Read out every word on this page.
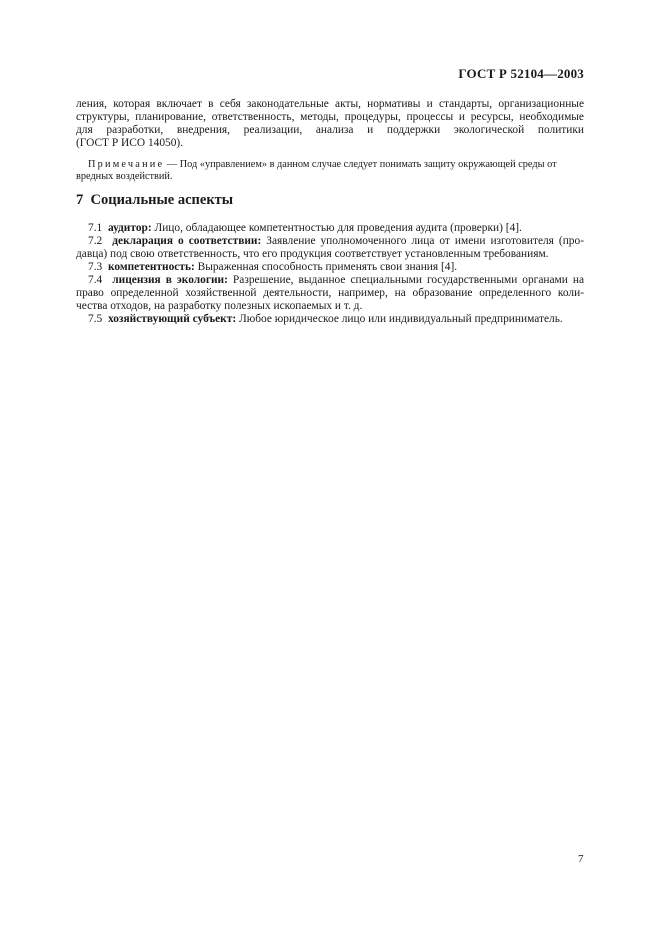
ГОСТ Р 52104—2003
ления, которая включает в себя законодательные акты, нормативы и стандарты, организационные
структуры, планирование, ответственность, методы, процедуры, процессы и ресурсы, необходимые
для разработки, внедрения, реализации, анализа и поддержки экологической политики
(ГОСТ Р ИСО 14050).
Примечание — Под «управлением» в данном случае следует понимать защиту окружающей среды от
вредных воздействий.
7 Социальные аспекты
7.1 аудитор: Лицо, обладающее компетентностью для проведения аудита (проверки) [4].
7.2 декларация о соответствии: Заявление уполномоченного лица от имени изготовителя (про-
давца) под свою ответственность, что его продукция соответствует установленным требованиям.
7.3 компетентность: Выраженная способность применять свои знания [4].
7.4 лицензия в экологии: Разрешение, выданное специальными государственными органами на
право определенной хозяйственной деятельности, например, на образование определенного коли-
чества отходов, на разработку полезных ископаемых и т. д.
7.5 хозяйствующий субъект: Любое юридическое лицо или индивидуальный предприниматель.
7
